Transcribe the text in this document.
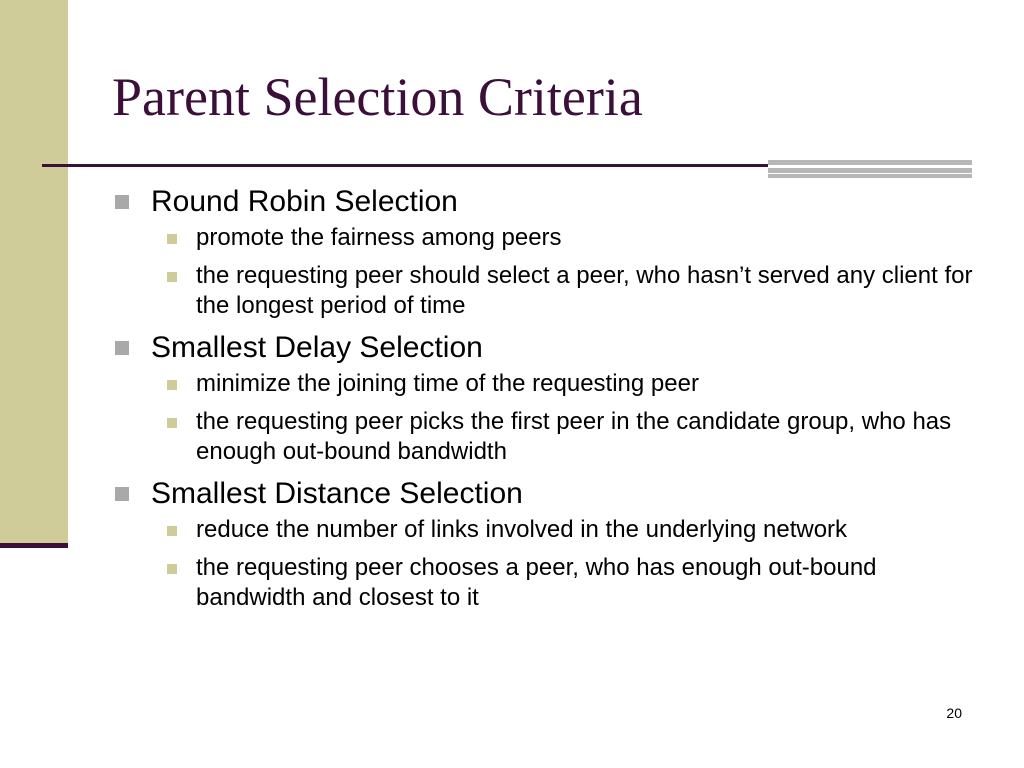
Parent Selection Criteria
Round Robin Selection
promote the fairness among peers
the requesting peer should select a peer, who hasn’t served any client for the longest period of time
Smallest Delay Selection
minimize the joining time of the requesting peer
the requesting peer picks the first peer in the candidate group, who has enough out-bound bandwidth
Smallest Distance Selection
reduce the number of links involved in the underlying network
the requesting peer chooses a peer, who has enough out-bound bandwidth and closest to it
20
